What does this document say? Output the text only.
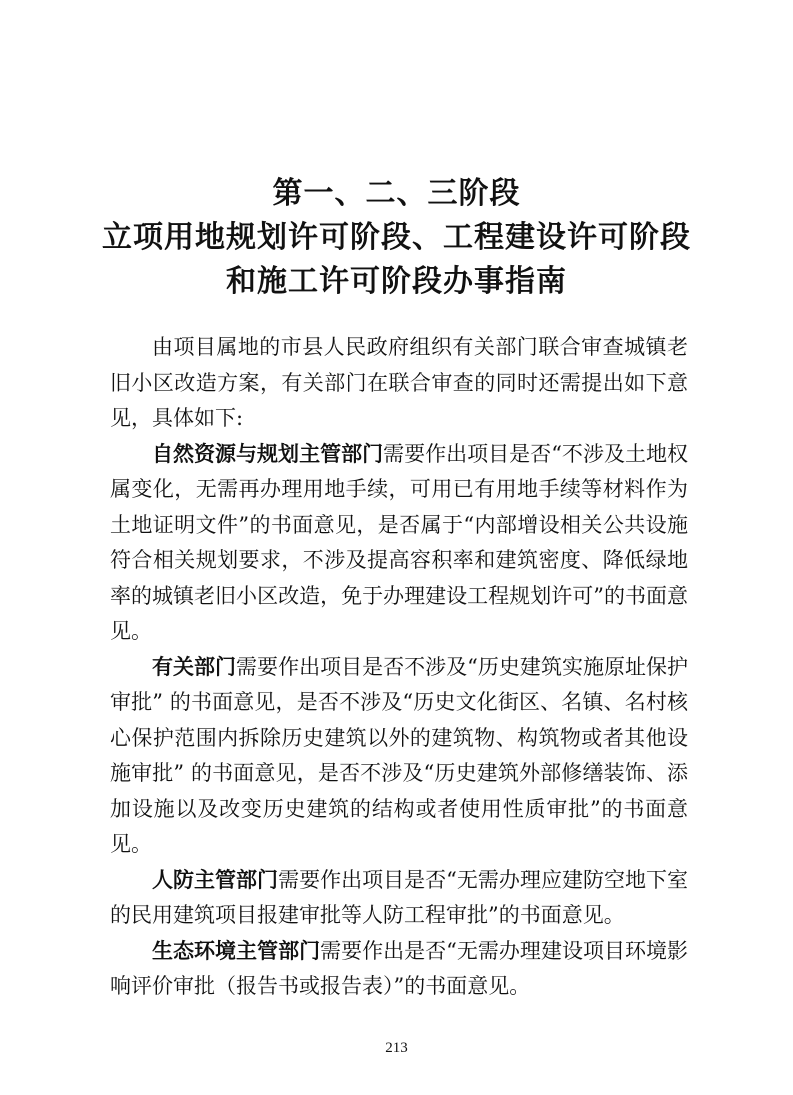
第一、二、三阶段
立项用地规划许可阶段、工程建设许可阶段
和施工许可阶段办事指南

由项目属地的市县人民政府组织有关部门联合审查城镇老旧小区改造方案，有关部门在联合审查的同时还需提出如下意见，具体如下:

自然资源与规划主管部门需要作出项目是否“不涉及土地权属变化，无需再办理用地手续，可用已有用地手续等材料作为土地证明文件”的书面意见，是否属于“内部增设相关公共设施符合相关规划要求，不涉及提高容积率和建筑密度、降低绿地率的城镇老旧小区改造，免于办理建设工程规划许可”的书面意见。

有关部门需要作出项目是否不涉及“历史建筑实施原址保护审批” 的书面意见，是否不涉及“历史文化街区、名镇、名村核心保护范围内拆除历史建筑以外的建筑物、构筑物或者其他设施审批” 的书面意见，是否不涉及“历史建筑外部修缮装饰、添加设施以及改变历史建筑的结构或者使用性质审批”的书面意见。

人防主管部门需要作出项目是否“无需办理应建防空地下室的民用建筑项目报建审批等人防工程审批”的书面意见。

生态环境主管部门需要作出是否“无需办理建设项目环境影响评价审批（报告书或报告表）”的书面意见。

213
